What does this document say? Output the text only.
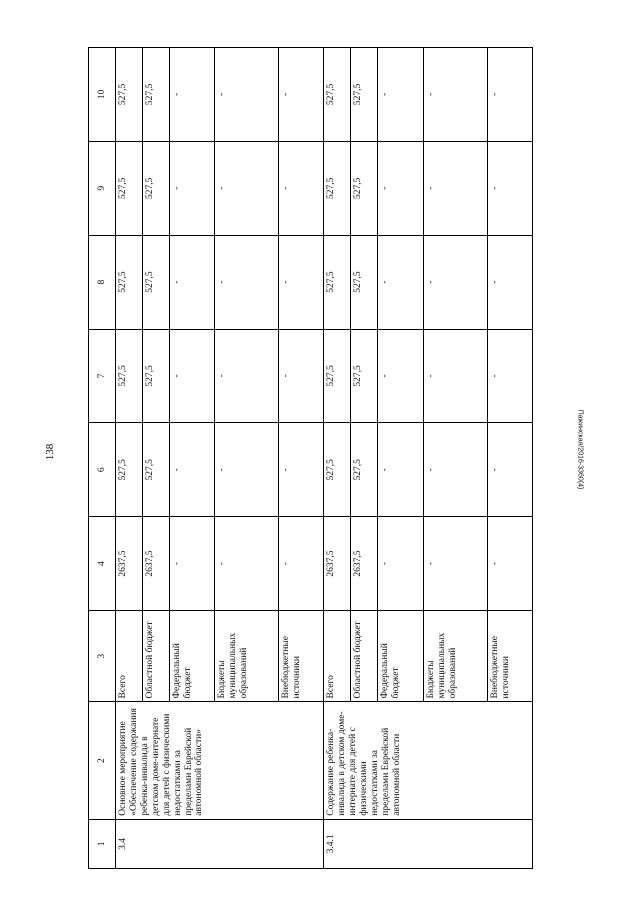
138	Пажинская/2016-3360(4)
1	2	3	4	6	7	8	9	10
3.4	Основное мероприятие «Обеспечение содержания ребенка-инвалида в детском доме-интернате для детей с физическими недостатками за пределами Еврейской автономной области»	Всего	2637,5	527,5	527,5	527,5	527,5	527,5
		Областной бюджет	2637,5	527,5	527,5	527,5	527,5	527,5
		Федеральный бюджет	-	-	-	-	-	-
		Бюджеты муниципальных образований	-	-	-	-	-	-
		Внебюджетные источники	-	-	-	-	-	-
3.4.1	Содержание ребенка-инвалида в детском доме-интернате для детей с физическими недостатками за пределами Еврейской автономной области	Всего	2637,5	527,5	527,5	527,5	527,5	527,5
		Областной бюджет	2637,5	527,5	527,5	527,5	527,5	527,5
		Федеральный бюджет	-	-	-	-	-	-
		Бюджеты муниципальных образований	-	-	-	-	-	-
		Внебюджетные источники	-	-	-	-	-	-
